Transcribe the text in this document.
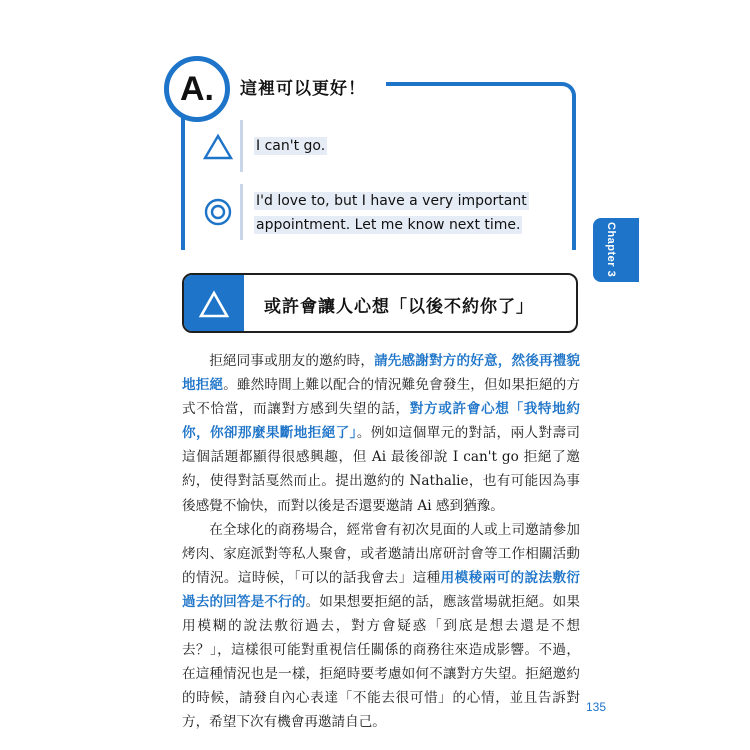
A.	這裡可以更好！
I can't go.
I'd love to, but I have a very important
appointment. Let me know next time.	Chapter 3
或許會讓人心想「以後不約你了」

拒絕同事或朋友的邀約時，請先感謝對方的好意，然後再禮貌地拒絕。雖然時間上難以配合的情況難免會發生，但如果拒絕的方式不恰當，而讓對方感到失望的話，對方或許會心想「我特地約你，你卻那麼果斷地拒絕了」。例如這個單元的對話，兩人對壽司這個話題都顯得很感興趣，但 Ai 最後卻說 I can't go 拒絕了邀約，使得對話戛然而止。提出邀約的 Nathalie，也有可能因為事後感覺不愉快，而對以後是否還要邀請 Ai 感到猶豫。

在全球化的商務場合，經常會有初次見面的人或上司邀請參加烤肉、家庭派對等私人聚會，或者邀請出席研討會等工作相關活動的情況。這時候，「可以的話我會去」這種用模稜兩可的說法敷衍過去的回答是不行的。如果想要拒絕的話，應該當場就拒絕。如果用模糊的說法敷衍過去，對方會疑惑「到底是想去還是不想去？」，這樣很可能對重視信任關係的商務往來造成影響。不過，在這種情況也是一樣，拒絕時要考慮如何不讓對方失望。拒絕邀約的時候，請發自內心表達「不能去很可惜」的心情，並且告訴對方，希望下次有機會再邀請自己。

135
